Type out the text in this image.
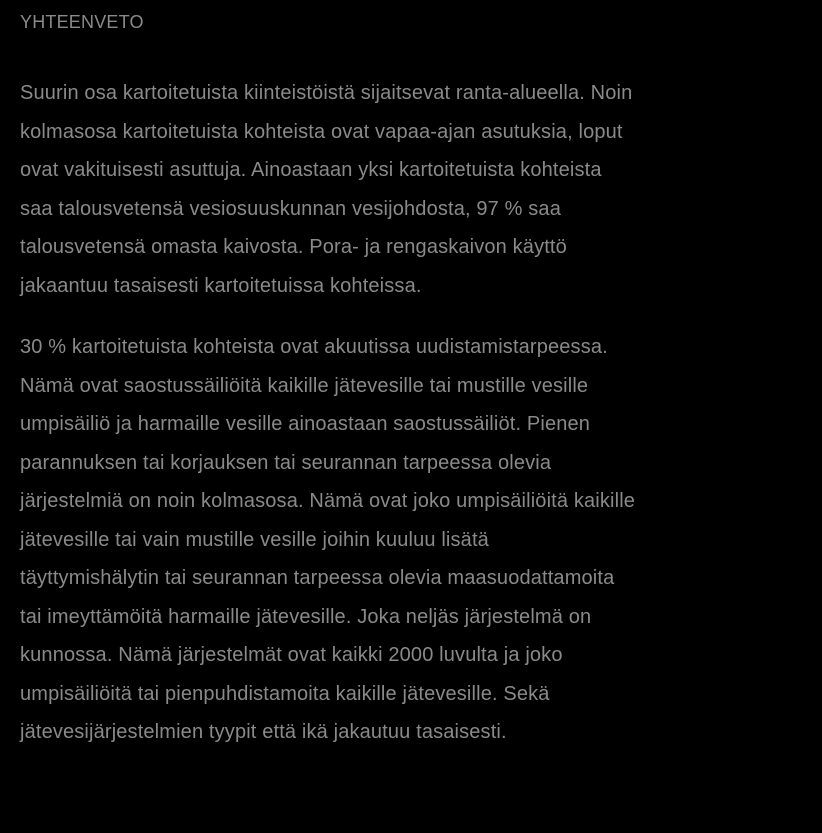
YHTEENVETO

Suurin osa kartoitetuista kiinteistöistä sijaitsevat ranta-alueella. Noin
kolmasosa kartoitetuista kohteista ovat vapaa-ajan asutuksia, loput
ovat vakituisesti asuttuja. Ainoastaan yksi kartoitetuista kohteista
saa talousvetensä vesiosuuskunnan vesijohdosta, 97 % saa
talousvetensä omasta kaivosta. Pora- ja rengaskaivon käyttö
jakaantuu tasaisesti kartoitetuissa kohteissa.

30 % kartoitetuista kohteista ovat akuutissa uudistamistarpeessa.
Nämä ovat saostussäiliöitä kaikille jätevesille tai mustille vesille
umpisäiliö ja harmaille vesille ainoastaan saostussäiliöt. Pienen
parannuksen tai korjauksen tai seurannan tarpeessa olevia
järjestelmiä on noin kolmasosa. Nämä ovat joko umpisäiliöitä kaikille
jätevesille tai vain mustille vesille joihin kuuluu lisätä
täyttymishälytin tai seurannan tarpeessa olevia maasuodattamoita
tai imeyttämöitä harmaille jätevesille. Joka neljäs järjestelmä on
kunnossa. Nämä järjestelmät ovat kaikki 2000 luvulta ja joko
umpisäiliöitä tai pienpuhdistamoita kaikille jätevesille. Sekä
jätevesijärjestelmien tyypit että ikä jakautuu tasaisesti.
